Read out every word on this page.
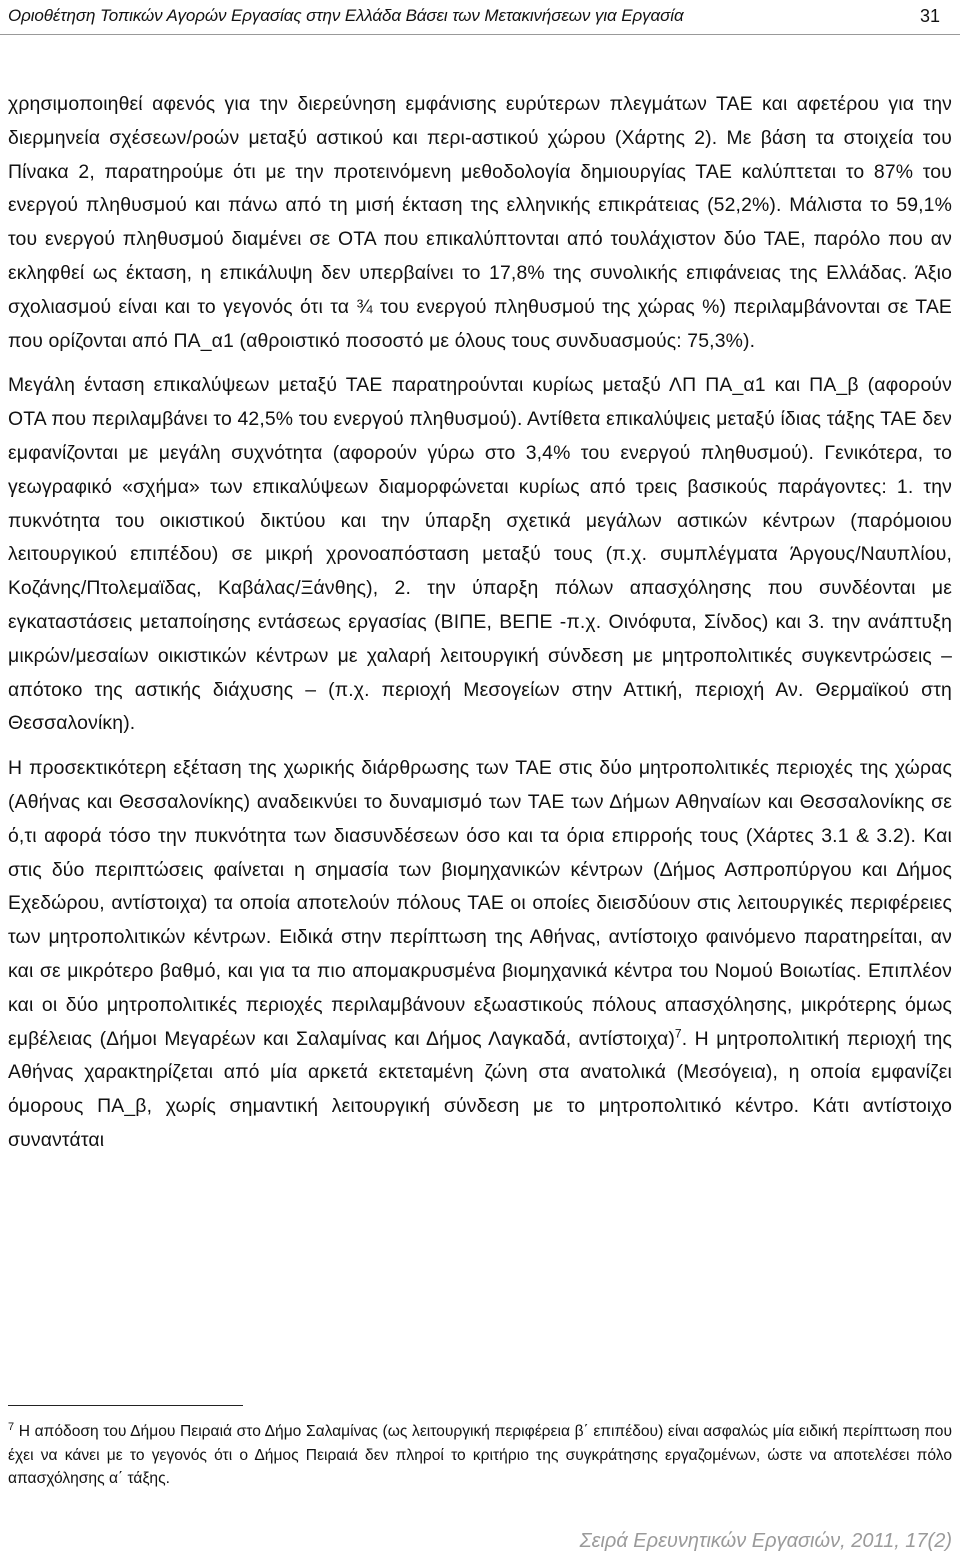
Οριοθέτηση Τοπικών Αγορών Εργασίας στην Ελλάδα Βάσει των Μετακινήσεων για Εργασία	31

χρησιμοποιηθεί αφενός για την διερεύνηση εμφάνισης ευρύτερων πλεγμάτων ΤΑΕ και αφετέρου για την διερμηνεία σχέσεων/ροών μεταξύ αστικού και περι-αστικού χώρου (Χάρτης 2). Με βάση τα στοιχεία του Πίνακα 2, παρατηρούμε ότι με την προτεινόμενη μεθοδολογία δημιουργίας ΤΑΕ καλύπτεται το 87% του ενεργού πληθυσμού και πάνω από τη μισή έκταση της ελληνικής επικράτειας (52,2%). Μάλιστα το 59,1% του ενεργού πληθυσμού διαμένει σε ΟΤΑ που επικαλύπτονται από τουλάχιστον δύο ΤΑΕ, παρόλο που αν εκληφθεί ως έκταση, η επικάλυψη δεν υπερβαίνει το 17,8% της συνολικής επιφάνειας της Ελλάδας. Άξιο σχολιασμού είναι και το γεγονός ότι τα ¾ του ενεργού πληθυσμού της χώρας %) περιλαμβάνονται σε ΤΑΕ που ορίζονται από ΠΑ_α1 (αθροιστικό ποσοστό με όλους τους συνδυασμούς: 75,3%).

Μεγάλη ένταση επικαλύψεων μεταξύ ΤΑΕ παρατηρούνται κυρίως μεταξύ ΛΠ ΠΑ_α1 και ΠΑ_β (αφορούν ΟΤΑ που περιλαμβάνει το 42,5% του ενεργού πληθυσμού). Αντίθετα επικαλύψεις μεταξύ ίδιας τάξης ΤΑΕ δεν εμφανίζονται με μεγάλη συχνότητα (αφορούν γύρω στο 3,4% του ενεργού πληθυσμού). Γενικότερα, το γεωγραφικό «σχήμα» των επικαλύψεων διαμορφώνεται κυρίως από τρεις βασικούς παράγοντες: 1. την πυκνότητα του οικιστικού δικτύου και την ύπαρξη σχετικά μεγάλων αστικών κέντρων (παρόμοιου λειτουργικού επιπέδου) σε μικρή χρονοαπόσταση μεταξύ τους (π.χ. συμπλέγματα Άργους/Ναυπλίου, Κοζάνης/Πτολεμαϊδας, Καβάλας/Ξάνθης), 2. την ύπαρξη πόλων απασχόλησης που συνδέονται με εγκαταστάσεις μεταποίησης εντάσεως εργασίας (ΒΙΠΕ, ΒΕΠΕ -π.χ. Οινόφυτα, Σίνδος) και 3. την ανάπτυξη μικρών/μεσαίων οικιστικών κέντρων με χαλαρή λειτουργική σύνδεση με μητροπολιτικές συγκεντρώσεις – απότοκο της αστικής διάχυσης – (π.χ. περιοχή Μεσογείων στην Αττική, περιοχή Αν. Θερμαϊκού στη Θεσσαλονίκη).

Η προσεκτικότερη εξέταση της χωρικής διάρθρωσης των ΤΑΕ στις δύο μητροπολιτικές περιοχές της χώρας (Αθήνας και Θεσσαλονίκης) αναδεικνύει το δυναμισμό των ΤΑΕ των Δήμων Αθηναίων και Θεσσαλονίκης σε ό,τι αφορά τόσο την πυκνότητα των διασυνδέσεων όσο και τα όρια επιρροής τους (Χάρτες 3.1 & 3.2). Και στις δύο περιπτώσεις φαίνεται η σημασία των βιομηχανικών κέντρων (Δήμος Ασπροπύργου και Δήμος Εχεδώρου, αντίστοιχα) τα οποία αποτελούν πόλους ΤΑΕ οι οποίες διεισδύουν στις λειτουργικές περιφέρειες των μητροπολιτικών κέντρων. Ειδικά στην περίπτωση της Αθήνας, αντίστοιχο φαινόμενο παρατηρείται, αν και σε μικρότερο βαθμό, και για τα πιο απομακρυσμένα βιομηχανικά κέντρα του Νομού Βοιωτίας. Επιπλέον και οι δύο μητροπολιτικές περιοχές περιλαμβάνουν εξωαστικούς πόλους απασχόλησης, μικρότερης όμως εμβέλειας (Δήμοι Μεγαρέων και Σαλαμίνας και Δήμος Λαγκαδά, αντίστοιχα)$^7$. Η μητροπολιτική περιοχή της Αθήνας χαρακτηρίζεται από μία αρκετά εκτεταμένη ζώνη στα ανατολικά (Μεσόγεια), η οποία εμφανίζει όμορους ΠΑ_β, χωρίς σημαντική λειτουργική σύνδεση με το μητροπολιτικό κέντρο. Κάτι αντίστοιχο συναντάται

$^7$ Η απόδοση του Δήμου Πειραιά στο Δήμο Σαλαμίνας (ως λειτουργική περιφέρεια β΄ επιπέδου) είναι ασφαλώς μία ειδική περίπτωση που έχει να κάνει με το γεγονός ότι ο Δήμος Πειραιά δεν πληροί το κριτήριο της συγκράτησης εργαζομένων, ώστε να αποτελέσει πόλο απασχόλησης α΄ τάξης.
Σειρά Ερευνητικών Εργασιών, 2011, 17(2)
